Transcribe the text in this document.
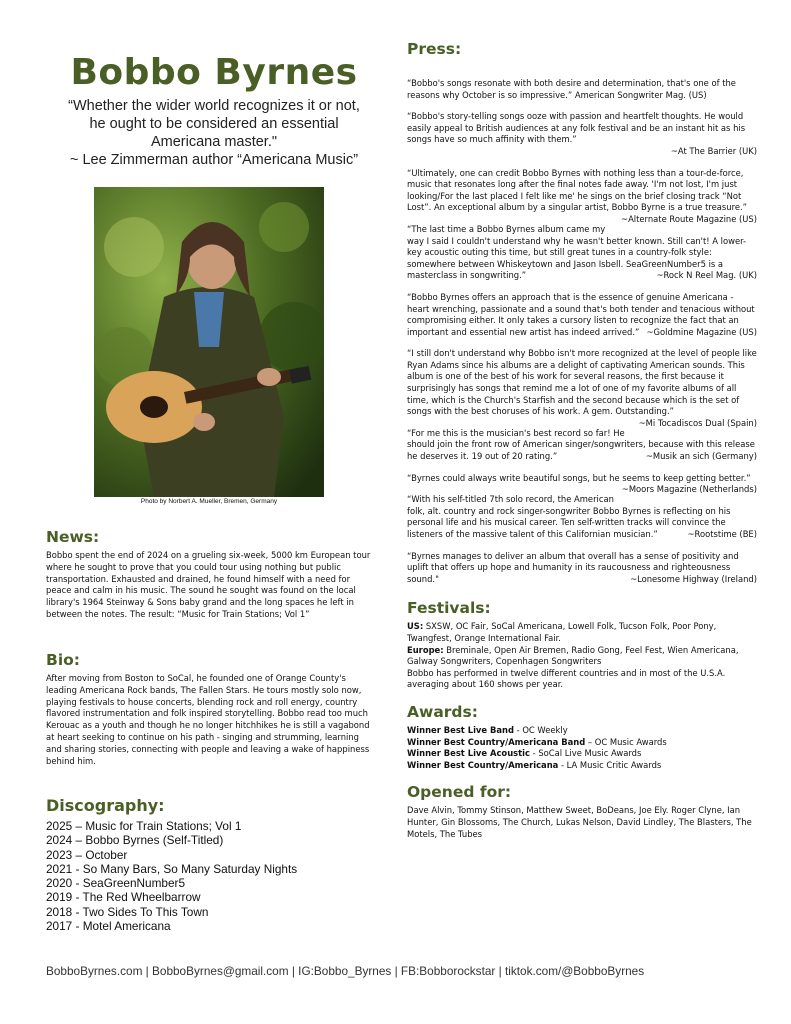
Bobbo Byrnes

“Whether the wider world recognizes it or not,

he ought to be considered an essential

Americana master."

~ Lee Zimmerman author “Americana Music”

Photo by Norbert A. Mueller, Bremen, Germany
News:

Bobbo spent the end of 2024 on a grueling six-week, 5000 km European tour where he sought to prove that you could tour using nothing but public transportation. Exhausted and drained, he found himself with a need for peace and calm in his music. The sound he sought was found on the local library's 1964 Steinway & Sons baby grand and the long spaces he left in between the notes. The result: “Music for Train Stations; Vol 1”

Bio:

After moving from Boston to SoCal, he founded one of Orange County's leading Americana Rock bands, The Fallen Stars. He tours mostly solo now, playing festivals to house concerts, blending rock and roll energy, country flavored instrumentation and folk inspired storytelling. Bobbo read too much Kerouac as a youth and though he no longer hitchhikes he is still a vagabond at heart seeking to continue on his path - singing and strumming, learning and sharing stories, connecting with people and leaving a wake of happiness behind him.

Discography:
2025 – Music for Train Stations; Vol 1
2024 – Bobbo Byrnes (Self-Titled)
2023 – October
2021 - So Many Bars, So Many Saturday Nights
2020 - SeaGreenNumber5
2019 - The Red Wheelbarrow
2018 - Two Sides To This Town
2017 - Motel Americana
Press:
“Bobbo's songs resonate with both desire and determination, that's one of the reasons why October is so impressive.” American Songwriter Mag. (US)
“Bobbo's story-telling songs ooze with passion and heartfelt thoughts. He would easily appeal to British audiences at any folk festival and be an instant hit as his songs have so much affinity with them.”
~At The Barrier (UK)
“Ultimately, one can credit Bobbo Byrnes with nothing less than a tour-de-force, music that resonates long after the final notes fade away. 'I'm not lost, I'm just looking/For the last placed I felt like me' he sings on the brief closing track “Not Lost”. An exceptional album by a singular artist, Bobbo Byrne is a true treasure.”
~Alternate Route Magazine (US)
“The last time a Bobbo Byrnes album came my way I said I couldn't understand why he wasn't better known. Still can't! A lower-key acoustic outing this time, but still great tunes in a country-folk style: somewhere between Whiskeytown and Jason Isbell. SeaGreenNumber5 is a masterclass in songwriting.”	~Rock N Reel Mag. (UK)
“Bobbo Byrnes offers an approach that is the essence of genuine Americana - heart wrenching, passionate and a sound that's both tender and tenacious without compromising either. It only takes a cursory listen to recognize the fact that an important and essential new artist has indeed arrived.” ~Goldmine Magazine (US)
“I still don't understand why Bobbo isn't more recognized at the level of people like Ryan Adams since his albums are a delight of captivating American sounds. This album is one of the best of his work for several reasons, the first because it surprisingly has songs that remind me a lot of one of my favorite albums of all time, which is the Church's Starfish and the second because which is the set of songs with the best choruses of his work. A gem. Outstanding.”
~Mi Tocadiscos Dual (Spain)
“For me this is the musician's best record so far! He should join the front row of American singer/songwriters, because with this release he deserves it. 19 out of 20 rating.”	~Musik an sich (Germany)
“Byrnes could always write beautiful songs, but he seems to keep getting better.”
~Moors Magazine (Netherlands)
“With his self-titled 7th solo record, the American folk, alt. country and rock singer-songwriter Bobbo Byrnes is reflecting on his personal life and his musical career. Ten self-written tracks will convince the listeners of the massive talent of this Californian musician.”	~Rootstime (BE)
“Byrnes manages to deliver an album that overall has a sense of positivity and uplift that offers up hope and humanity in its raucousness and righteousness sound."	~Lonesome Highway (Ireland)
Festivals:

US: SXSW, OC Fair, SoCal Americana, Lowell Folk, Tucson Folk, Poor Pony, Twangfest, Orange International Fair.

Europe: Breminale, Open Air Bremen, Radio Gong, Feel Fest, Wien Americana, Galway Songwriters, Copenhagen Songwriters

Bobbo has performed in twelve different countries and in most of the U.S.A. averaging about 160 shows per year.

Awards:

Winner Best Live Band - OC Weekly

Winner Best Country/Americana Band – OC Music Awards

Winner Best Live Acoustic - SoCal Live Music Awards

Winner Best Country/Americana - LA Music Critic Awards

Opened for:

Dave Alvin, Tommy Stinson, Matthew Sweet, BoDeans, Joe Ely. Roger Clyne, Ian Hunter, Gin Blossoms, The Church, Lukas Nelson, David Lindley, The Blasters, The Motels, The Tubes

BobboByrnes.com | BobboByrnes@gmail.com | IG:Bobbo_Byrnes | FB:Bobborockstar | tiktok.com/@BobboByrnes
